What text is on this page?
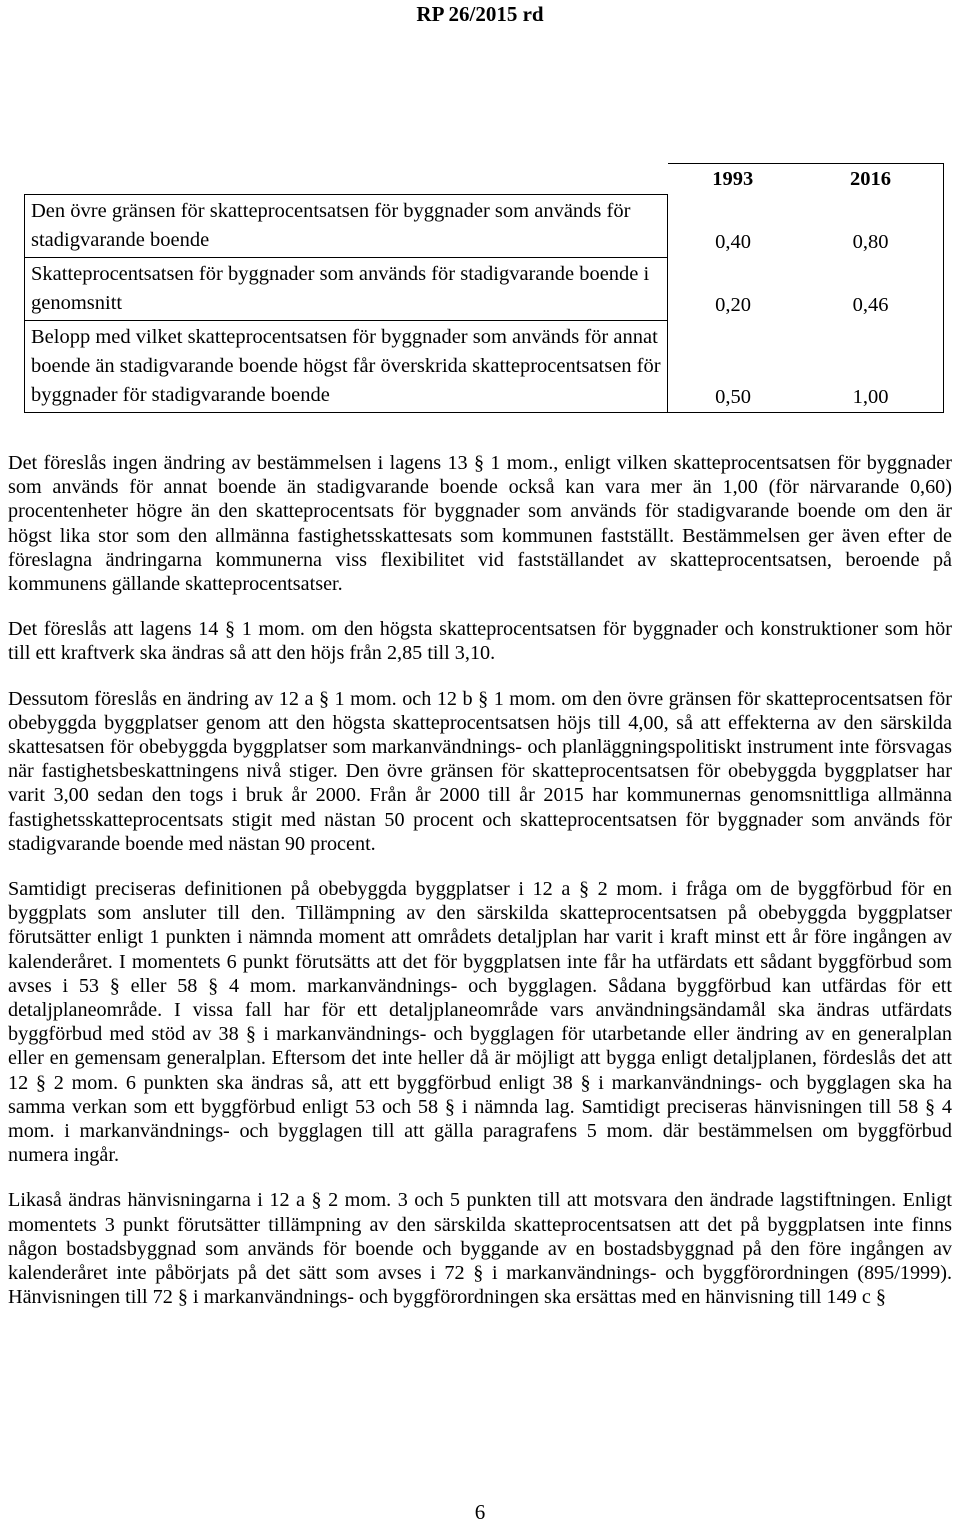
RP 26/2015 rd
	1993	2016
Den övre gränsen för skatteprocentsatsen för byggnader som används för stadigvarande boende	0,40	0,80
Skatteprocentsatsen för byggnader som används för stadigvarande boende i genomsnitt	0,20	0,46
Belopp med vilket skatteprocentsatsen för byggnader som används för annat boende än stadigvarande boende högst får överskrida skatteprocentsatsen för byggnader för stadigvarande boende	0,50	1,00

Det föreslås ingen ändring av bestämmelsen i lagens 13 § 1 mom., enligt vilken skatteprocentsatsen för byggnader som används för annat boende än stadigvarande boende också kan vara mer än 1,00 (för närvarande 0,60) procentenheter högre än den skatteprocentsats för byggnader som används för stadigvarande boende om den är högst lika stor som den allmänna fastighetsskattesats som kommunen fastställt. Bestämmelsen ger även efter de föreslagna ändringarna kommunerna viss flexibilitet vid fastställandet av skatteprocentsatsen, beroende på kommunens gällande skatteprocentsatser.

Det föreslås att lagens 14 § 1 mom. om den högsta skatteprocentsatsen för byggnader och konstruktioner som hör till ett kraftverk ska ändras så att den höjs från 2,85 till 3,10.

Dessutom föreslås en ändring av 12 a § 1 mom. och 12 b § 1 mom. om den övre gränsen för skatteprocentsatsen för obebyggda byggplatser genom att den högsta skatteprocentsatsen höjs till 4,00, så att effekterna av den särskilda skattesatsen för obebyggda byggplatser som markanvändnings- och planläggningspolitiskt instrument inte försvagas när fastighetsbeskattningens nivå stiger. Den övre gränsen för skatteprocentsatsen för obebyggda byggplatser har varit 3,00 sedan den togs i bruk år 2000. Från år 2000 till år 2015 har kommunernas genomsnittliga allmänna fastighetsskatteprocentsats stigit med nästan 50 procent och skatteprocentsatsen för byggnader som används för stadigvarande boende med nästan 90 procent.

Samtidigt preciseras definitionen på obebyggda byggplatser i 12 a § 2 mom. i fråga om de byggförbud för en byggplats som ansluter till den. Tillämpning av den särskilda skatteprocentsatsen på obebyggda byggplatser förutsätter enligt 1 punkten i nämnda moment att områdets detaljplan har varit i kraft minst ett år före ingången av kalenderåret. I momentets 6 punkt förutsätts att det för byggplatsen inte får ha utfärdats ett sådant byggförbud som avses i 53 § eller 58 § 4 mom. markanvändnings- och bygglagen. Sådana byggförbud kan utfärdas för ett detaljplaneområde. I vissa fall har för ett detaljplaneområde vars användningsändamål ska ändras utfärdats byggförbud med stöd av 38 § i markanvändnings- och bygglagen för utarbetande eller ändring av en generalplan eller en gemensam generalplan. Eftersom det inte heller då är möjligt att bygga enligt detaljplanen, fördeslås det att 12 § 2 mom. 6 punkten ska ändras så, att ett byggförbud enligt 38 § i markanvändnings- och bygglagen ska ha samma verkan som ett byggförbud enligt 53 och 58 § i nämnda lag. Samtidigt preciseras hänvisningen till 58 § 4 mom. i markanvändnings- och bygglagen till att gälla paragrafens 5 mom. där bestämmelsen om byggförbud numera ingår.

Likaså ändras hänvisningarna i 12 a § 2 mom. 3 och 5 punkten till att motsvara den ändrade lagstiftningen. Enligt momentets 3 punkt förutsätter tillämpning av den särskilda skatteprocentsatsen att det på byggplatsen inte finns någon bostadsbyggnad som används för boende och byggande av en bostadsbyggnad på den före ingången av kalenderåret inte påbörjats på det sätt som avses i 72 § i markanvändnings- och byggförordningen (895/1999). Hänvisningen till 72 § i markanvändnings- och byggförordningen ska ersättas med en hänvisning till 149 c §

6
